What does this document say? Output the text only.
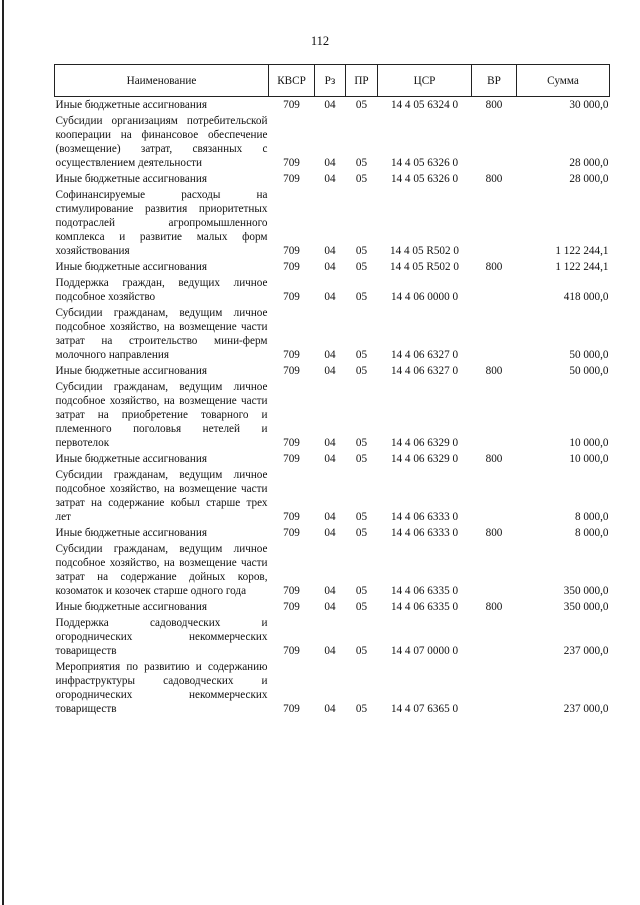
112
Наименование	КВСР	Рз	ПР	ЦСР	ВР	Сумма
Иные бюджетные ассигнования	709	04	05	14 4 05 6324 0	800	30 000,0
Субсидии организациям потребительской кооперации на финансовое обеспечение (возмещение) затрат, связанных с осуществлением деятельности	709	04	05	14 4 05 6326 0		28 000,0
Иные бюджетные ассигнования	709	04	05	14 4 05 6326 0	800	28 000,0
Софинансируемые расходы на стимулирование развития приоритетных подотраслей агропромышленного комплекса и развитие малых форм хозяйствования	709	04	05	14 4 05 R502 0		1 122 244,1
Иные бюджетные ассигнования	709	04	05	14 4 05 R502 0	800	1 122 244,1
Поддержка граждан, ведущих личное подсобное хозяйство	709	04	05	14 4 06 0000 0		418 000,0
Субсидии гражданам, ведущим личное подсобное хозяйство, на возмещение части затрат на строительство мини-ферм молочного направления	709	04	05	14 4 06 6327 0		50 000,0
Иные бюджетные ассигнования	709	04	05	14 4 06 6327 0	800	50 000,0
Субсидии гражданам, ведущим личное подсобное хозяйство, на возмещение части затрат на приобретение товарного и племенного поголовья нетелей и первотелок	709	04	05	14 4 06 6329 0		10 000,0
Иные бюджетные ассигнования	709	04	05	14 4 06 6329 0	800	10 000,0
Субсидии гражданам, ведущим личное подсобное хозяйство, на возмещение части затрат на содержание кобыл старше трех лет	709	04	05	14 4 06 6333 0		8 000,0
Иные бюджетные ассигнования	709	04	05	14 4 06 6333 0	800	8 000,0
Субсидии гражданам, ведущим личное подсобное хозяйство, на возмещение части затрат на содержание дойных коров, козоматок и козочек старше одного года	709	04	05	14 4 06 6335 0		350 000,0
Иные бюджетные ассигнования	709	04	05	14 4 06 6335 0	800	350 000,0
Поддержка садоводческих и огороднических некоммерческих товариществ	709	04	05	14 4 07 0000 0		237 000,0
Мероприятия по развитию и содержанию инфраструктуры садоводческих и огороднических некоммерческих товариществ	709	04	05	14 4 07 6365 0		237 000,0
